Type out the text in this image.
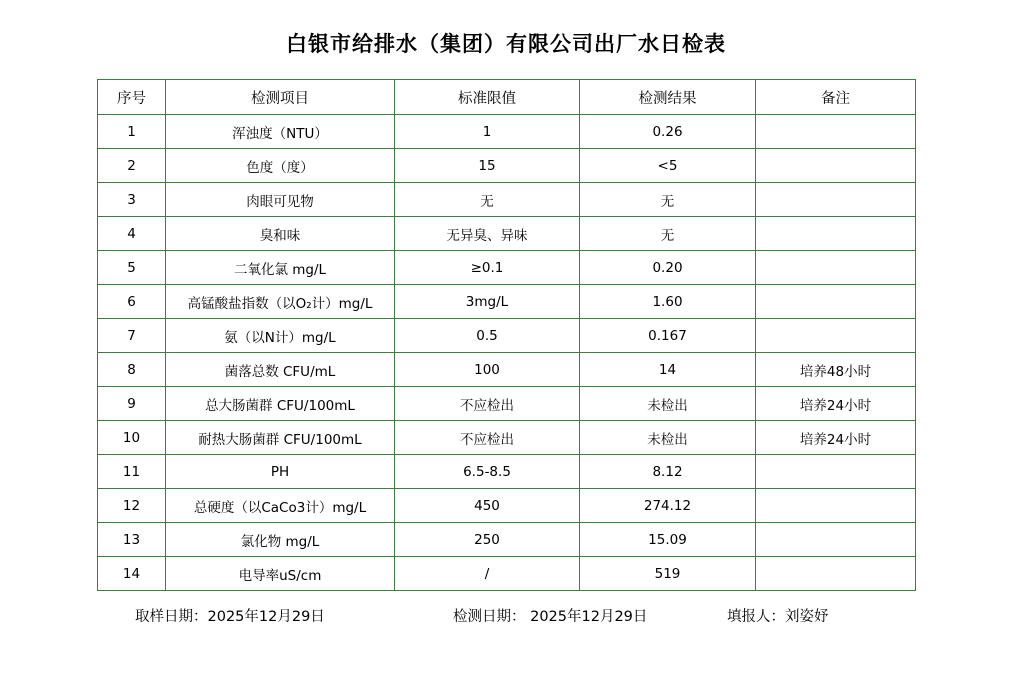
白银市给排水（集团）有限公司出厂水日检表
序号	检测项目	标准限值	检测结果	备注
1	浑浊度（NTU）	1	0.26	
2	色度（度）	15	<5	
3	肉眼可见物	无	无	
4	臭和味	无异臭、异味	无	
5	二氧化氯 mg/L	≥0.1	0.20	
6	高锰酸盐指数（以O₂计）mg/L	3mg/L	1.60	
7	氨（以N计）mg/L	0.5	0.167	
8	菌落总数 CFU/mL	100	14	培养48小时
9	总大肠菌群 CFU/100mL	不应检出	未检出	培养24小时
10	耐热大肠菌群 CFU/100mL	不应检出	未检出	培养24小时
11	PH	6.5-8.5	8.12	
12	总硬度（以CaCo3计）mg/L	450	274.12	
13	氯化物 mg/L	250	15.09	
14	电导率uS/cm	/	519	
取样日期：2025年12月29日	检测日期： 2025年12月29日	填报人：刘姿妤
